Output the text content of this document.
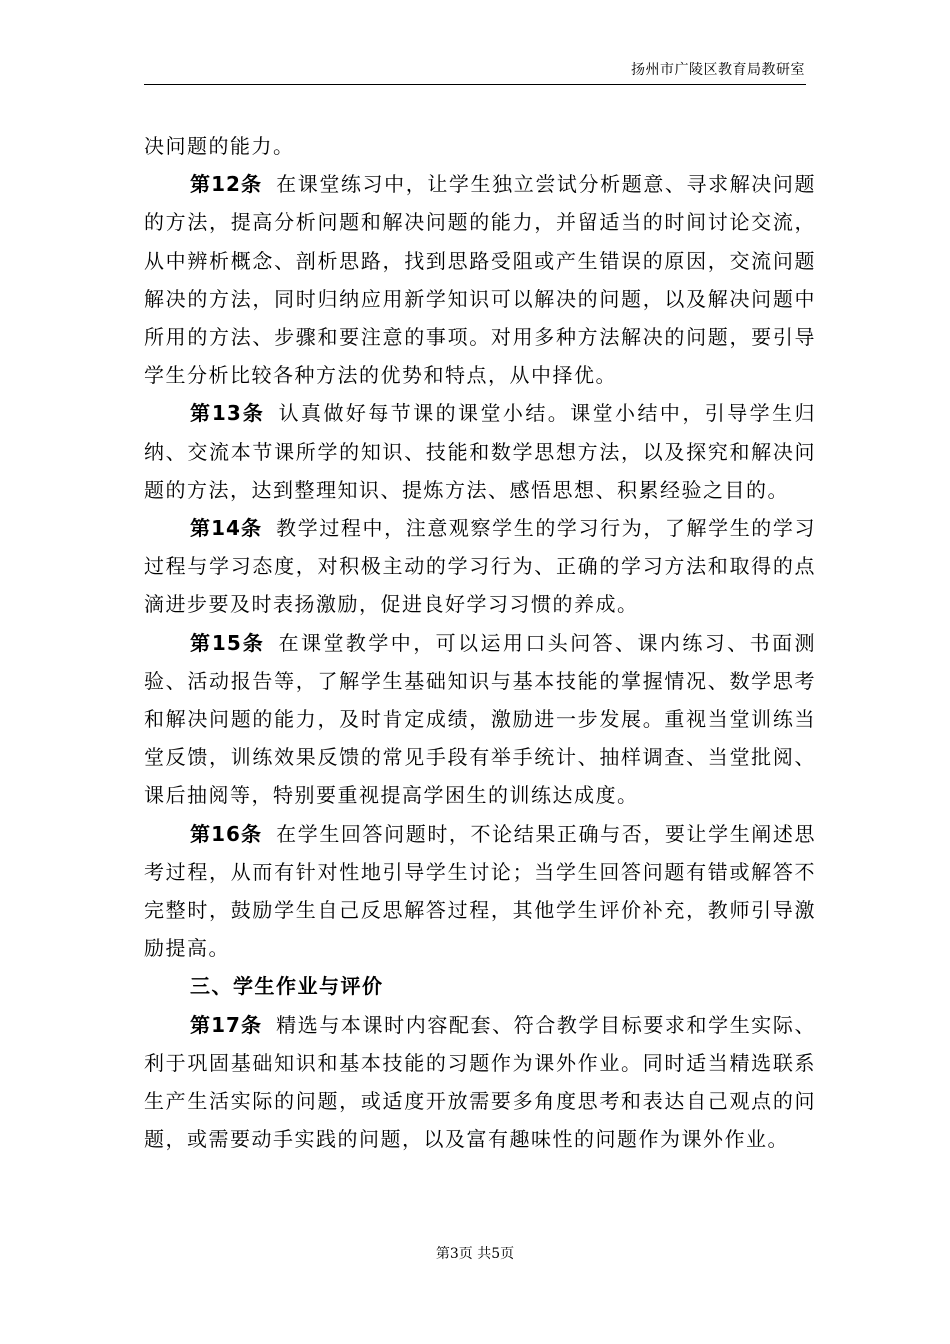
扬州市广陵区教育局教研室

决问题的能力。

第12条 在课堂练习中，让学生独立尝试分析题意、寻求解决问题的方法，提高分析问题和解决问题的能力，并留适当的时间讨论交流，从中辨析概念、剖析思路，找到思路受阻或产生错误的原因，交流问题解决的方法，同时归纳应用新学知识可以解决的问题，以及解决问题中所用的方法、步骤和要注意的事项。对用多种方法解决的问题，要引导学生分析比较各种方法的优势和特点，从中择优。

第13条 认真做好每节课的课堂小结。课堂小结中，引导学生归纳、交流本节课所学的知识、技能和数学思想方法，以及探究和解决问题的方法，达到整理知识、提炼方法、感悟思想、积累经验之目的。

第14条 教学过程中，注意观察学生的学习行为，了解学生的学习过程与学习态度，对积极主动的学习行为、正确的学习方法和取得的点滴进步要及时表扬激励，促进良好学习习惯的养成。

第15条 在课堂教学中，可以运用口头问答、课内练习、书面测验、活动报告等，了解学生基础知识与基本技能的掌握情况、数学思考和解决问题的能力，及时肯定成绩，激励进一步发展。重视当堂训练当堂反馈，训练效果反馈的常见手段有举手统计、抽样调查、当堂批阅、课后抽阅等，特别要重视提高学困生的训练达成度。

第16条 在学生回答问题时，不论结果正确与否，要让学生阐述思考过程，从而有针对性地引导学生讨论；当学生回答问题有错或解答不完整时，鼓励学生自己反思解答过程，其他学生评价补充，教师引导激励提高。

三、学生作业与评价

第17条 精选与本课时内容配套、符合教学目标要求和学生实际、利于巩固基础知识和基本技能的习题作为课外作业。同时适当精选联系生产生活实际的问题，或适度开放需要多角度思考和表达自己观点的问题，或需要动手实践的问题，以及富有趣味性的问题作为课外作业。

第3页 共5页
